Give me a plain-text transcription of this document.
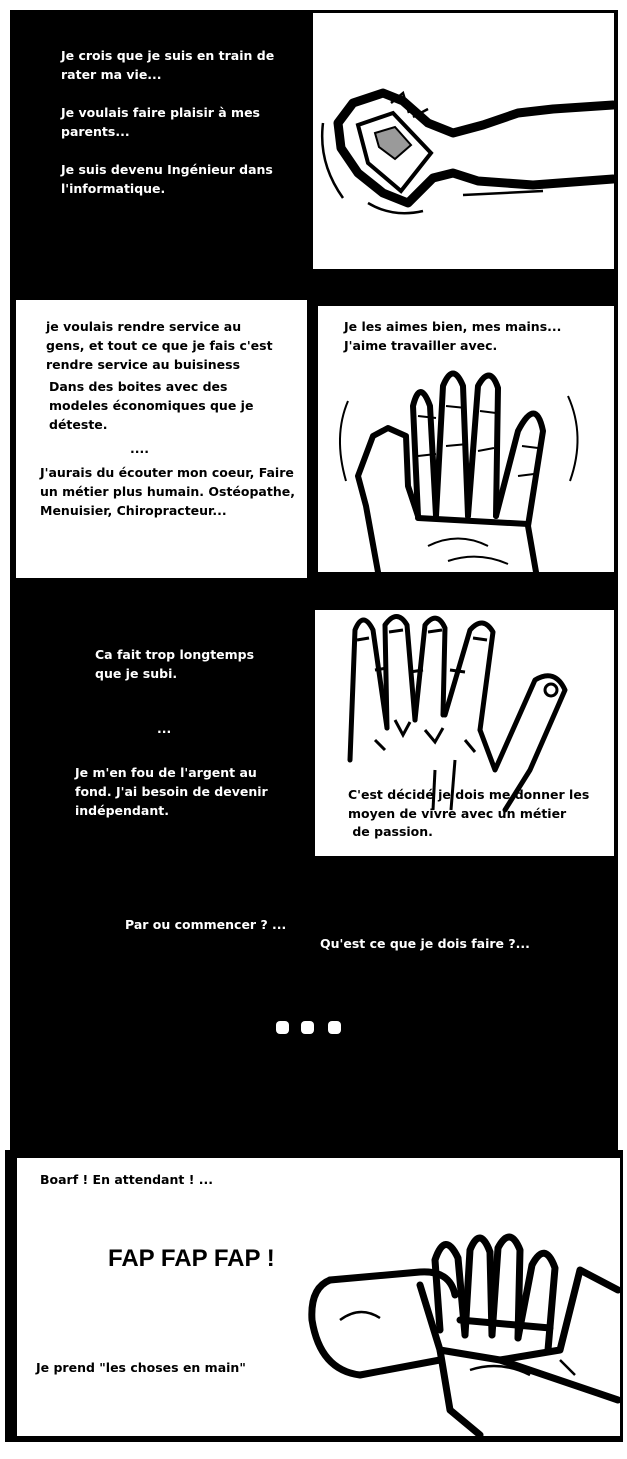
Je crois que je suis en train de
rater ma vie...
Je voulais faire plaisir à mes
parents...
Je suis devenu Ingénieur dans
l'informatique.
je voulais rendre service au
gens, et tout ce que je fais c'est
rendre service au buisiness
Dans des boites avec des
modeles économiques que je
déteste.
....
J'aurais du écouter mon coeur, Faire
un métier plus humain. Ostéopathe,
Menuisier, Chiropracteur...
Je les aimes bien, mes mains...
J'aime travailler avec.
Ca fait trop longtemps
que je subi.
...
Je m'en fou de l'argent au
fond. J'ai besoin de devenir
indépendant.
C'est décidé je dois me donner les
moyen de vivre avec un métier
de passion.
Par ou commencer ? ...
Qu'est ce que je dois faire ?...
Boarf ! En attendant ! ...
FAP FAP FAP !
Je prend "les choses en main"
